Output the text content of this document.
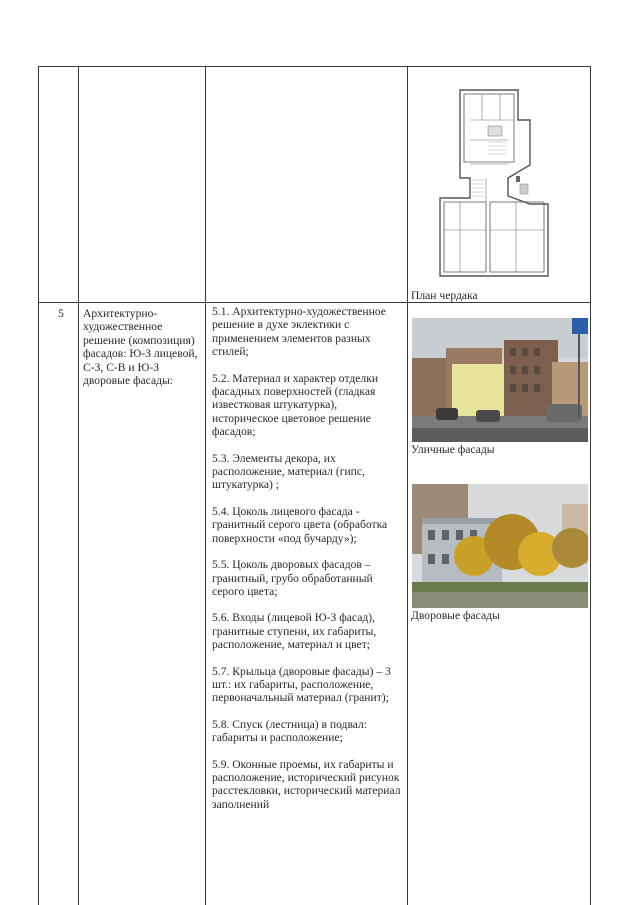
План чердака
5	Архитектурно-художественное решение (композиция) фасадов: Ю-З лицевой, С-З, С-В и Ю-З дворовые фасады:

5.1. Архитектурно-художественное решение в духе эклектики с применением элементов разных стилей;

5.2. Материал и характер отделки фасадных поверхностей (гладкая известковая штукатурка), историческое цветовое решение фасадов;

5.3. Элементы декора, их расположение, материал (гипс, штукатурка) ;

5.4. Цоколь лицевого фасада - гранитный серого цвета (обработка поверхности «под бучарду»);

5.5. Цоколь дворовых фасадов – гранитный, грубо обработанный серого цвета;

5.6. Входы (лицевой Ю-З фасад), гранитные ступени, их габариты, расположение, материал и цвет;

5.7. Крыльца (дворовые фасады) – 3 шт.: их габариты, расположение, первоначальный материал (гранит);

5.8. Спуск (лестница) в подвал: габариты и расположение;

5.9. Оконные проемы, их габариты и расположение, исторический рисунок расстекловки, исторический материал заполнений

Уличные фасады
Дворовые фасады
